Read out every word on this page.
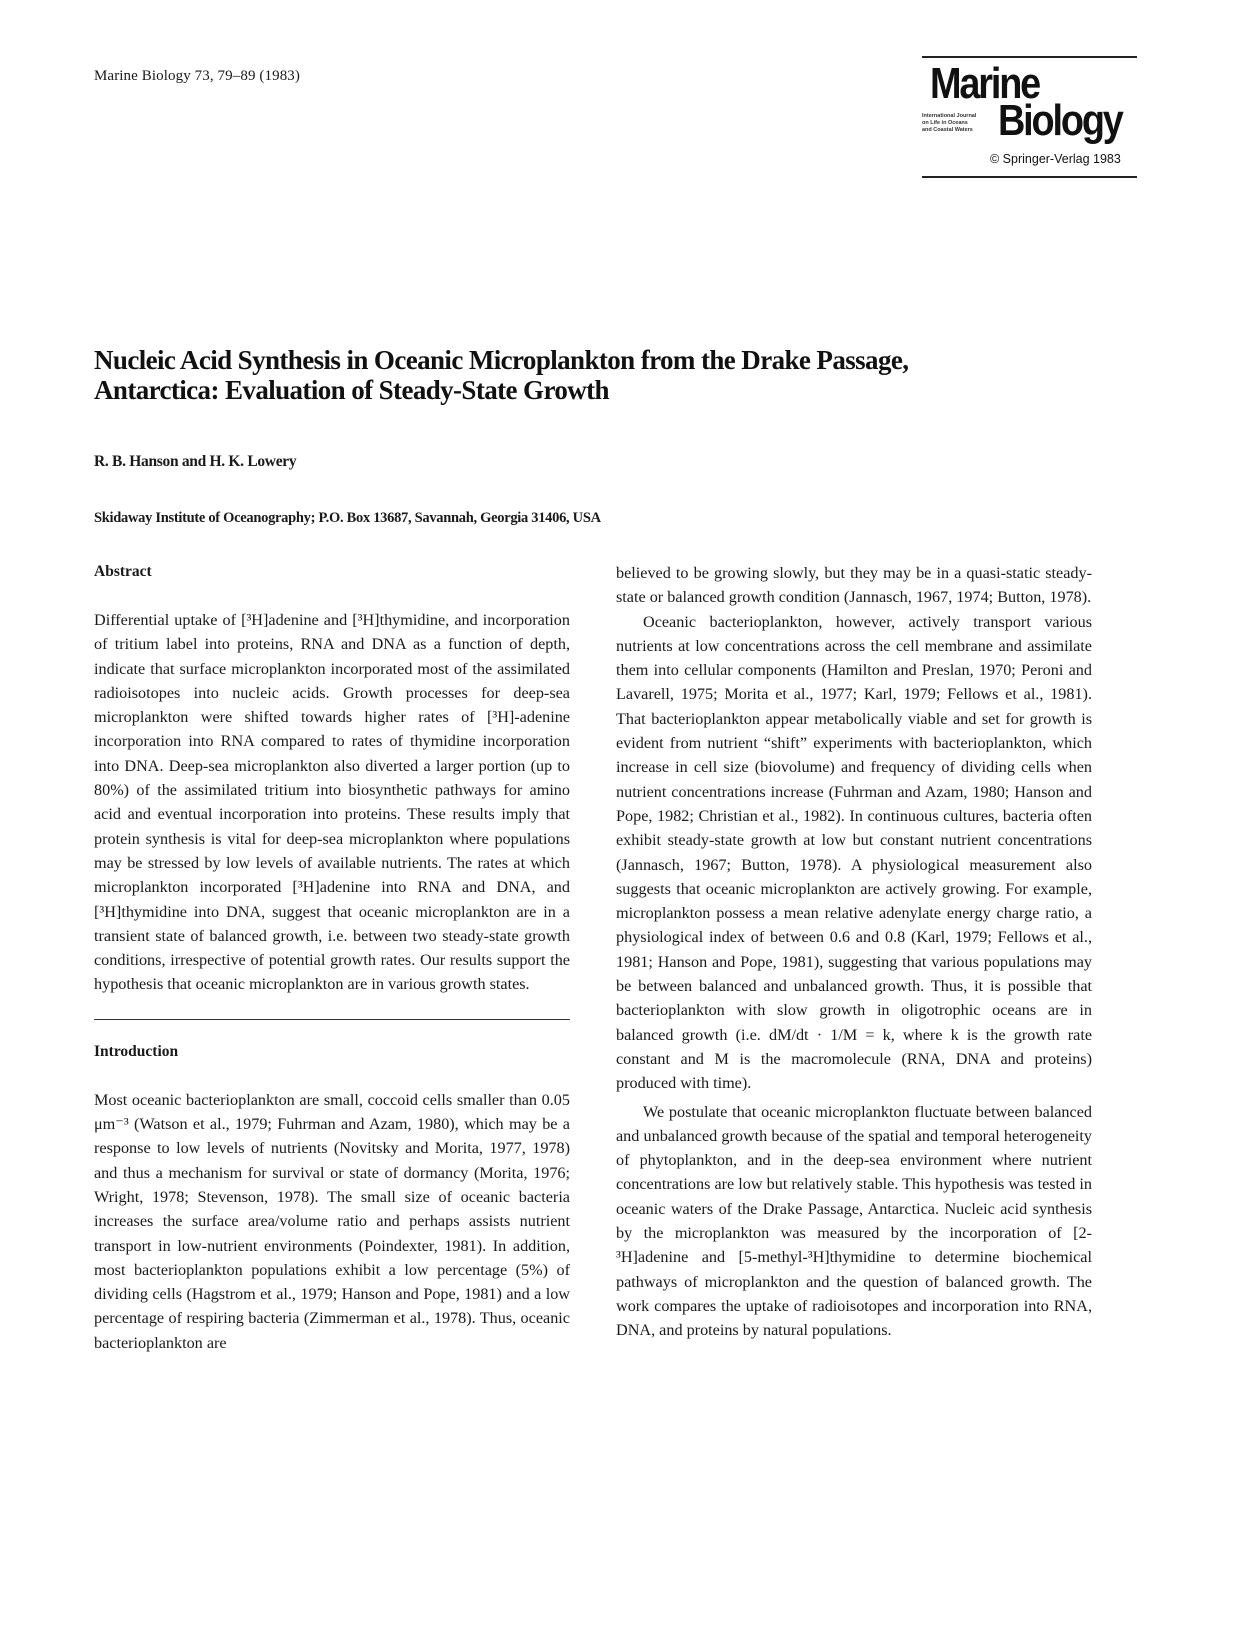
Marine Biology 73, 79–89 (1983)	Marine
International Journal
on Life in Oceans
and Coastal Waters Biology
© Springer-Verlag 1983
Nucleic Acid Synthesis in Oceanic Microplankton from the Drake Passage,
Antarctica: Evaluation of Steady-State Growth
R. B. Hanson and H. K. Lowery
Skidaway Institute of Oceanography; P.O. Box 13687, Savannah, Georgia 31406, USA
Abstract

Differential uptake of [³H]adenine and [³H]thymidine, and incorporation of tritium label into proteins, RNA and DNA as a function of depth, indicate that surface microplankton incorporated most of the assimilated radioisotopes into nucleic acids. Growth processes for deep-sea microplankton were shifted towards higher rates of [³H]-adenine incorporation into RNA compared to rates of thymidine incorporation into DNA. Deep-sea microplankton also diverted a larger portion (up to 80%) of the assimilated tritium into biosynthetic pathways for amino acid and eventual incorporation into proteins. These results imply that protein synthesis is vital for deep-sea microplankton where populations may be stressed by low levels of available nutrients. The rates at which microplankton incorporated [³H]adenine into RNA and DNA, and [³H]thymidine into DNA, suggest that oceanic microplankton are in a transient state of balanced growth, i.e. between two steady-state growth conditions, irrespective of potential growth rates. Our results support the hypothesis that oceanic microplankton are in various growth states.

Introduction

Most oceanic bacterioplankton are small, coccoid cells smaller than 0.05 μm⁻³ (Watson et al., 1979; Fuhrman and Azam, 1980), which may be a response to low levels of nutrients (Novitsky and Morita, 1977, 1978) and thus a mechanism for survival or state of dormancy (Morita, 1976; Wright, 1978; Stevenson, 1978). The small size of oceanic bacteria increases the surface area/volume ratio and perhaps assists nutrient transport in low-nutrient environments (Poindexter, 1981). In addition, most bacterioplankton populations exhibit a low percentage (5%) of dividing cells (Hagstrom et al., 1979; Hanson and Pope, 1981) and a low percentage of respiring bacteria (Zimmerman et al., 1978). Thus, oceanic bacterioplankton are

believed to be growing slowly, but they may be in a quasi-static steady-state or balanced growth condition (Jannasch, 1967, 1974; Button, 1978).

Oceanic bacterioplankton, however, actively transport various nutrients at low concentrations across the cell membrane and assimilate them into cellular components (Hamilton and Preslan, 1970; Peroni and Lavarell, 1975; Morita et al., 1977; Karl, 1979; Fellows et al., 1981). That bacterioplankton appear metabolically viable and set for growth is evident from nutrient “shift” experiments with bacterioplankton, which increase in cell size (biovolume) and frequency of dividing cells when nutrient concentrations increase (Fuhrman and Azam, 1980; Hanson and Pope, 1982; Christian et al., 1982). In continuous cultures, bacteria often exhibit steady-state growth at low but constant nutrient concentrations (Jannasch, 1967; Button, 1978). A physiological measurement also suggests that oceanic microplankton are actively growing. For example, microplankton possess a mean relative adenylate energy charge ratio, a physiological index of between 0.6 and 0.8 (Karl, 1979; Fellows et al., 1981; Hanson and Pope, 1981), suggesting that various populations may be between balanced and unbalanced growth. Thus, it is possible that bacterioplankton with slow growth in oligotrophic oceans are in balanced growth (i.e. dM/dt · 1/M = k, where k is the growth rate constant and M is the macromolecule (RNA, DNA and proteins) produced with time).

We postulate that oceanic microplankton fluctuate between balanced and unbalanced growth because of the spatial and temporal heterogeneity of phytoplankton, and in the deep-sea environment where nutrient concentrations are low but relatively stable. This hypothesis was tested in oceanic waters of the Drake Passage, Antarctica. Nucleic acid synthesis by the microplankton was measured by the incorporation of [2-³H]adenine and [5-methyl-³H]thymidine to determine biochemical pathways of microplankton and the question of balanced growth. The work compares the uptake of radioisotopes and incorporation into RNA, DNA, and proteins by natural populations.
